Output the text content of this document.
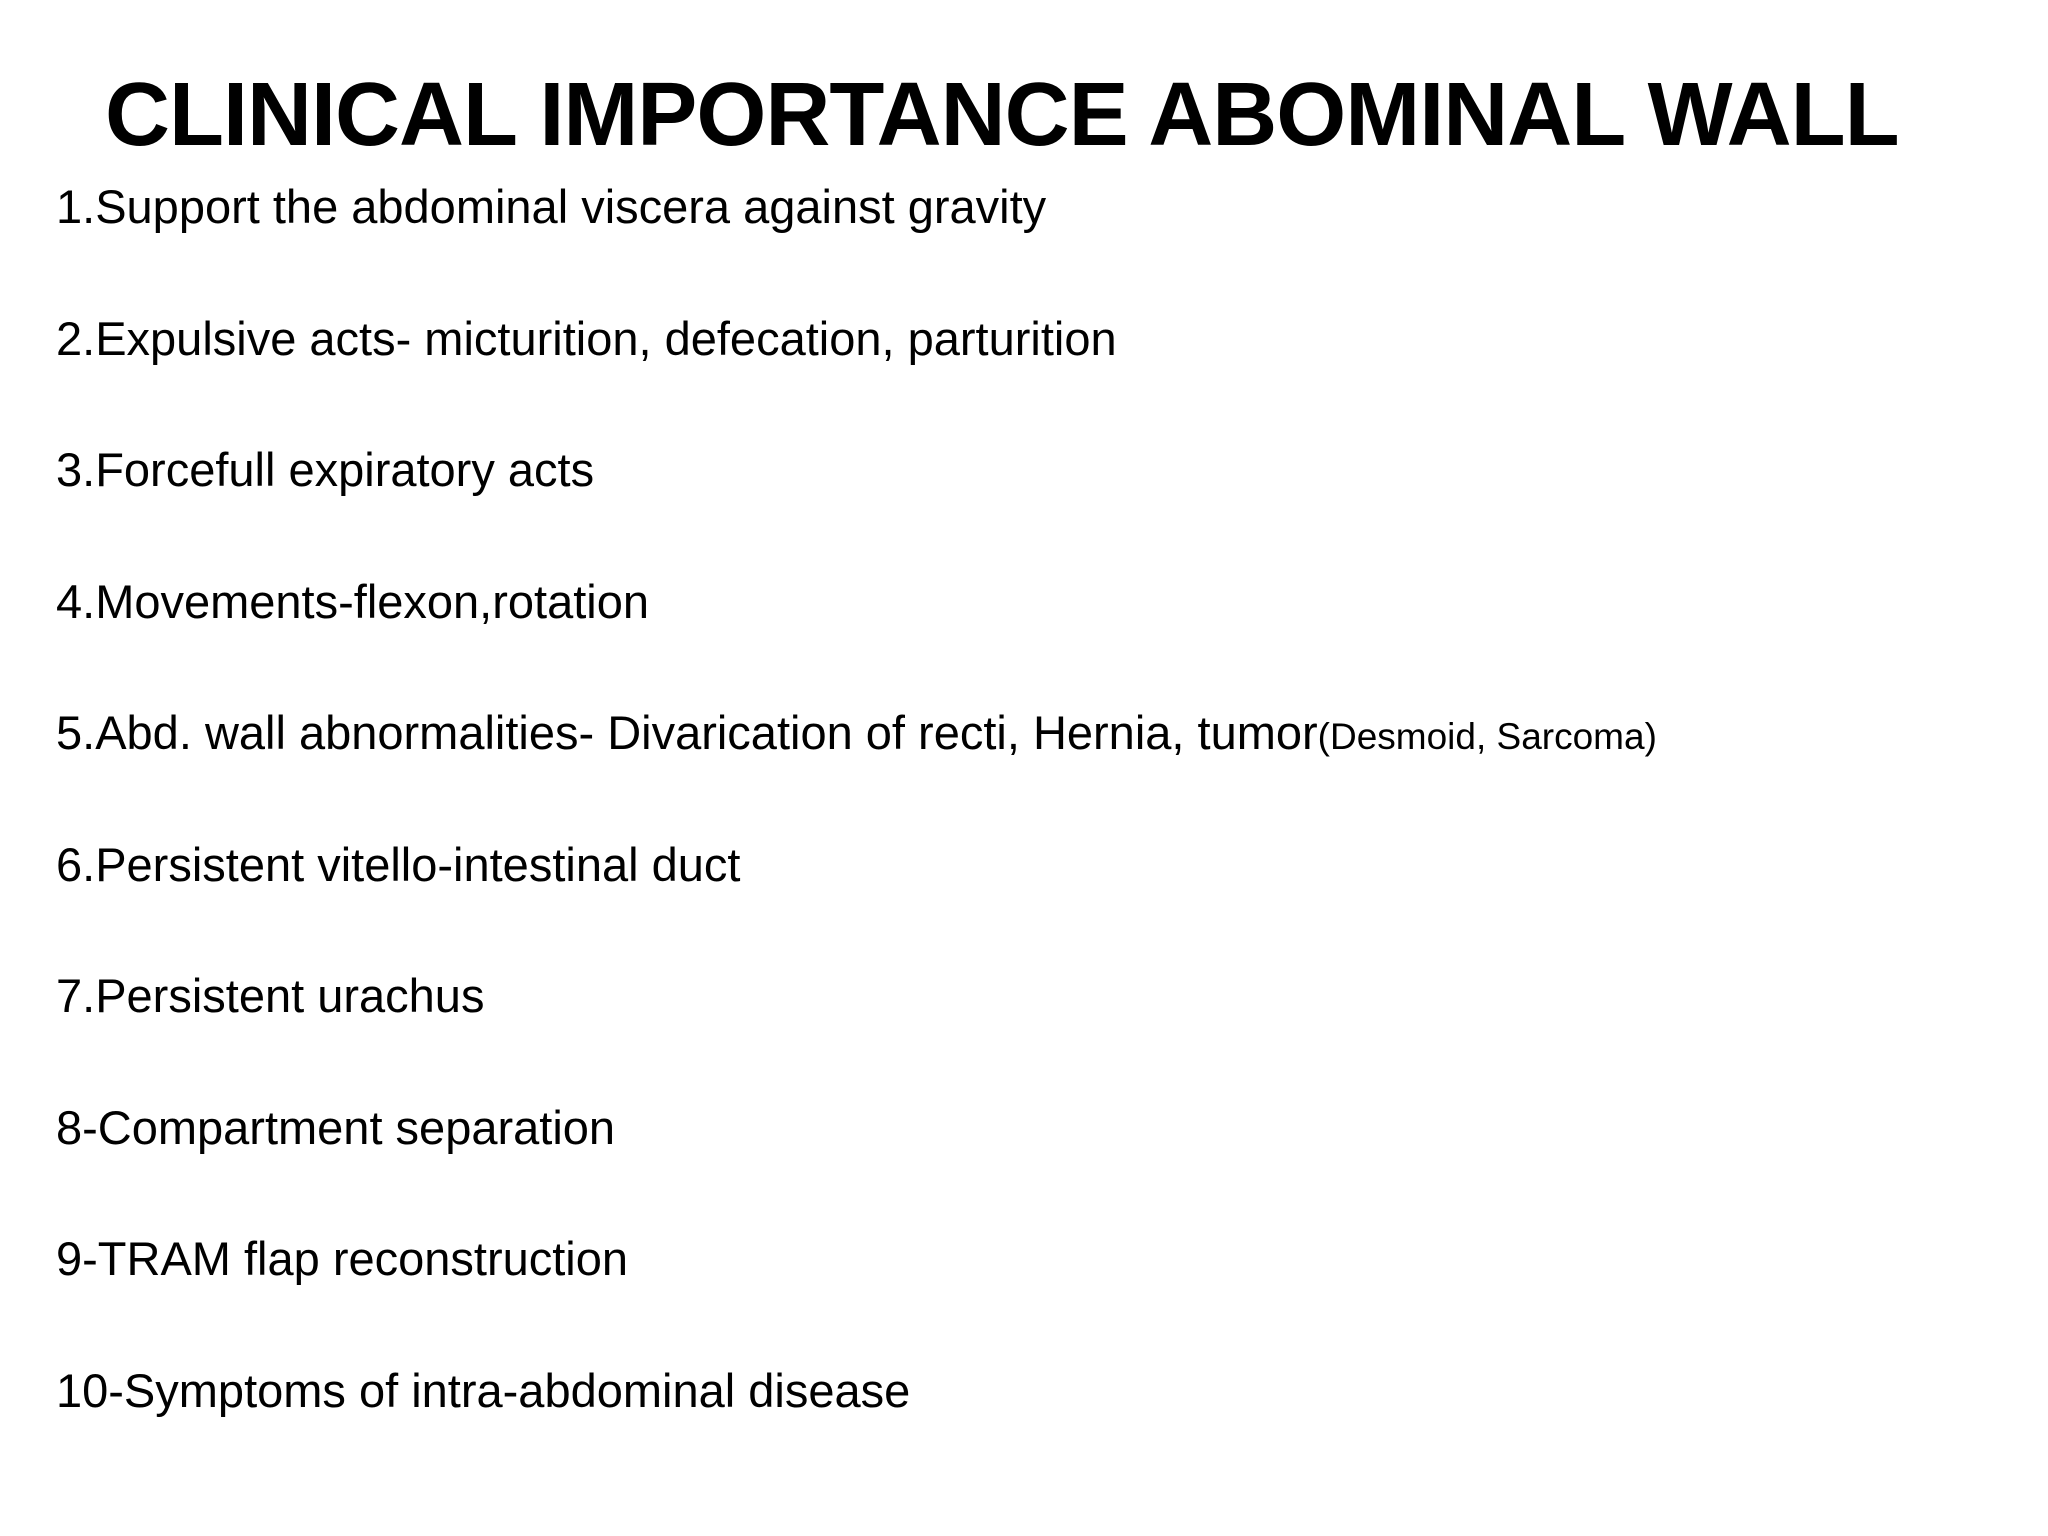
CLINICAL IMPORTANCE ABOMINAL WALL
1.Support the abdominal viscera against gravity
2.Expulsive acts- micturition, defecation, parturition
3.Forcefull expiratory acts
4.Movements-flexon,rotation
5.Abd. wall abnormalities- Divarication of recti, Hernia, tumor(Desmoid, Sarcoma)
6.Persistent vitello-intestinal duct
7.Persistent urachus
8-Compartment separation
9-TRAM flap reconstruction
10-Symptoms of intra-abdominal disease
